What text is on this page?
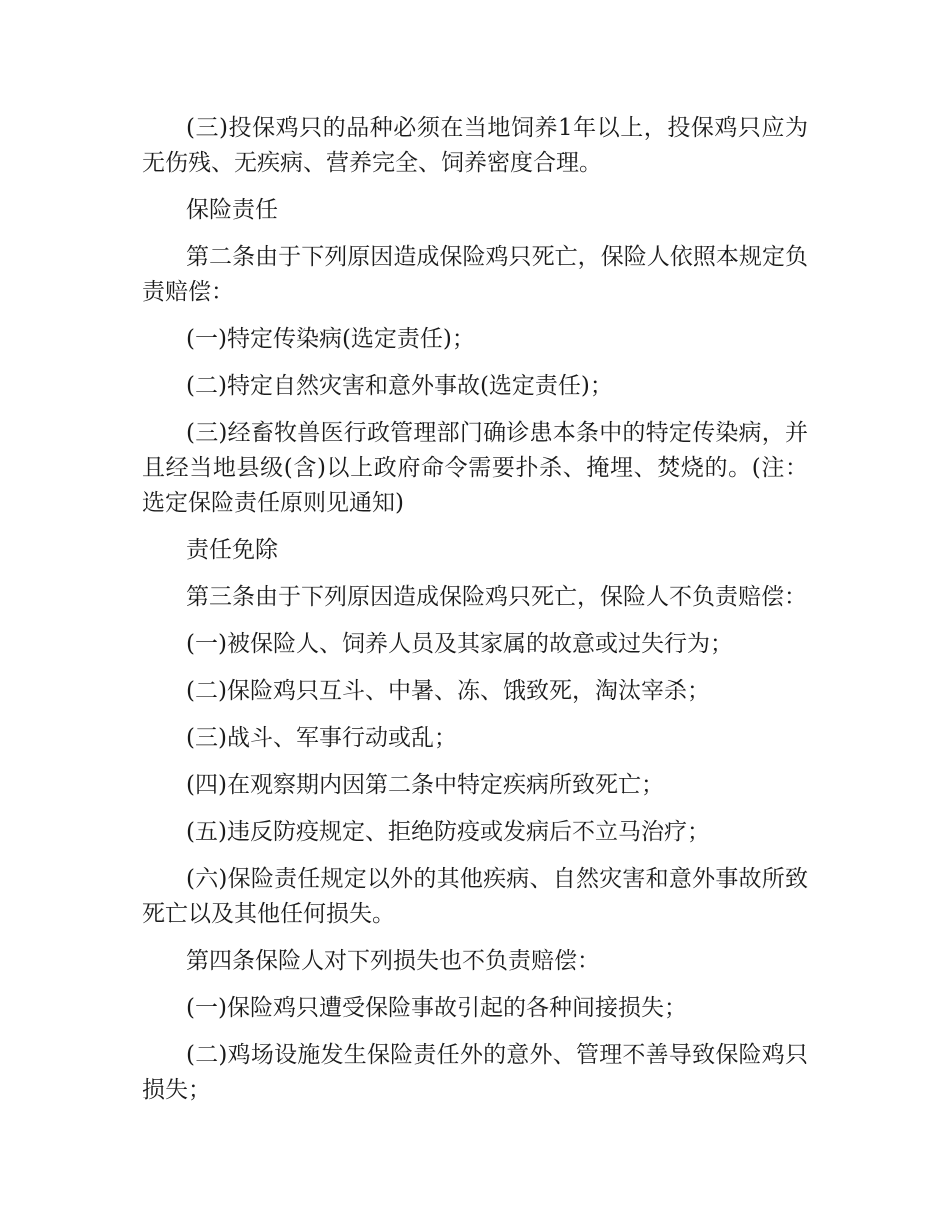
(三)投保鸡只的品种必须在当地饲养1年以上，投保鸡只应为无伤残、无疾病、营养完全、饲养密度合理。

保险责任

第二条由于下列原因造成保险鸡只死亡，保险人依照本规定负责赔偿：

(一)特定传染病(选定责任)；

(二)特定自然灾害和意外事故(选定责任)；

(三)经畜牧兽医行政管理部门确诊患本条中的特定传染病，并且经当地县级(含)以上政府命令需要扑杀、掩埋、焚烧的。(注：选定保险责任原则见通知)

责任免除

第三条由于下列原因造成保险鸡只死亡，保险人不负责赔偿：

(一)被保险人、饲养人员及其家属的故意或过失行为；

(二)保险鸡只互斗、中暑、冻、饿致死，淘汰宰杀；

(三)战斗、军事行动或乱；

(四)在观察期内因第二条中特定疾病所致死亡；

(五)违反防疫规定、拒绝防疫或发病后不立马治疗；

(六)保险责任规定以外的其他疾病、自然灾害和意外事故所致死亡以及其他任何损失。

第四条保险人对下列损失也不负责赔偿：

(一)保险鸡只遭受保险事故引起的各种间接损失；

(二)鸡场设施发生保险责任外的意外、管理不善导致保险鸡只损失；
